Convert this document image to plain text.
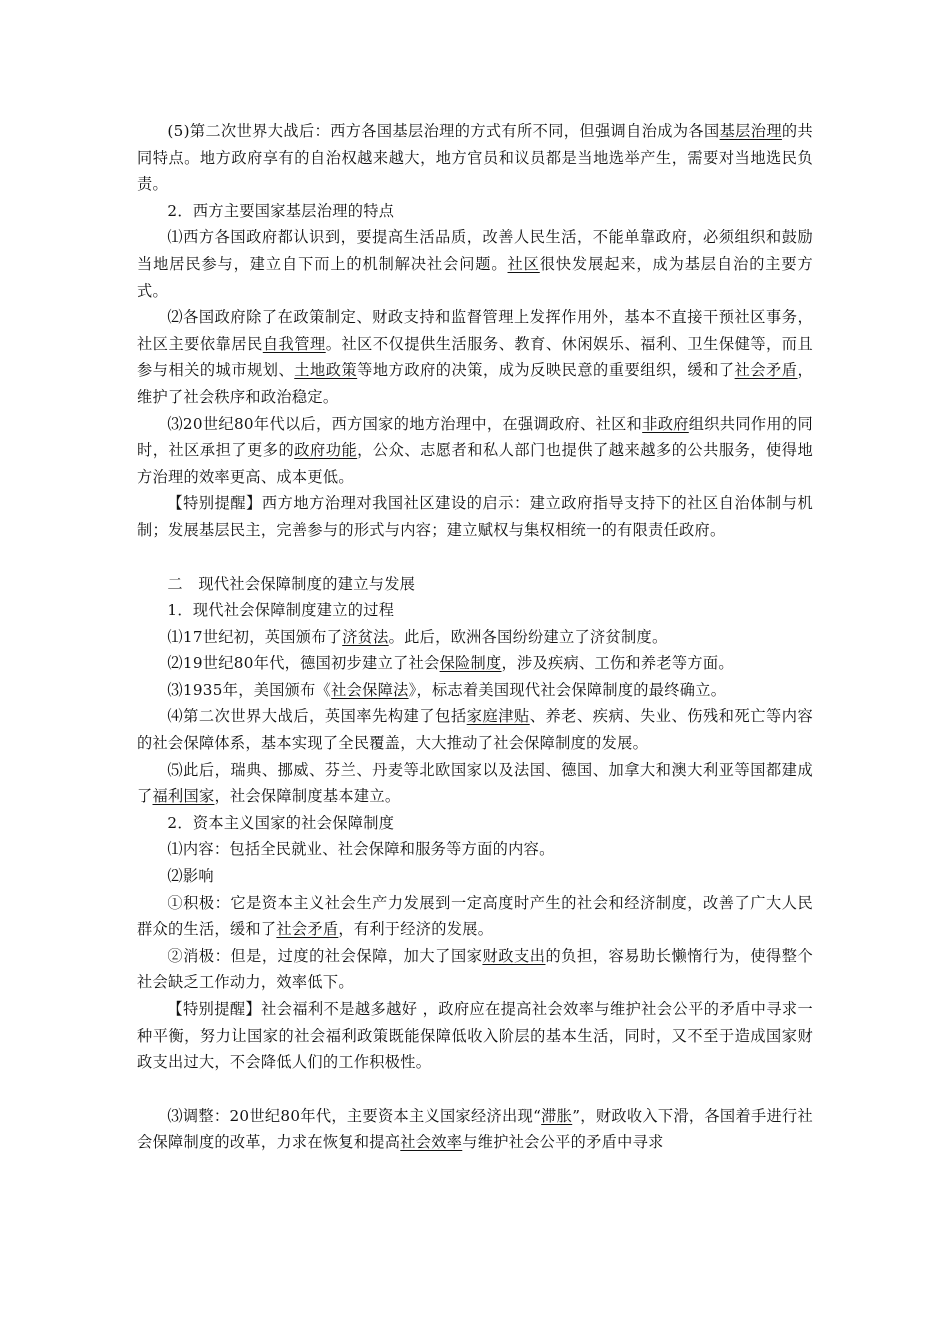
(5)第二次世界大战后：西方各国基层治理的方式有所不同，但强调自治成为各国基层治理的共同特点。地方政府享有的自治权越来越大，地方官员和议员都是当地选举产生，需要对当地选民负责。

2．西方主要国家基层治理的特点

⑴西方各国政府都认识到，要提高生活品质，改善人民生活，不能单靠政府，必须组织和鼓励当地居民参与，建立自下而上的机制解决社会问题。社区很快发展起来，成为基层自治的主要方式。

⑵各国政府除了在政策制定、财政支持和监督管理上发挥作用外，基本不直接干预社区事务，社区主要依靠居民自我管理。社区不仅提供生活服务、教育、休闲娱乐、福利、卫生保健等，而且参与相关的城市规划、土地政策等地方政府的决策，成为反映民意的重要组织，缓和了社会矛盾，维护了社会秩序和政治稳定。

⑶20世纪80年代以后，西方国家的地方治理中，在强调政府、社区和非政府组织共同作用的同时，社区承担了更多的政府功能，公众、志愿者和私人部门也提供了越来越多的公共服务，使得地方治理的效率更高、成本更低。

【特别提醒】西方地方治理对我国社区建设的启示：建立政府指导支持下的社区自治体制与机制；发展基层民主，完善参与的形式与内容；建立赋权与集权相统一的有限责任政府。

二　现代社会保障制度的建立与发展

1．现代社会保障制度建立的过程

⑴17世纪初，英国颁布了济贫法。此后，欧洲各国纷纷建立了济贫制度。

⑵19世纪80年代，德国初步建立了社会保险制度，涉及疾病、工伤和养老等方面。

⑶1935年，美国颁布《社会保障法》，标志着美国现代社会保障制度的最终确立。

⑷第二次世界大战后，英国率先构建了包括家庭津贴、养老、疾病、失业、伤残和死亡等内容的社会保障体系，基本实现了全民覆盖，大大推动了社会保障制度的发展。

⑸此后，瑞典、挪威、芬兰、丹麦等北欧国家以及法国、德国、加拿大和澳大利亚等国都建成了福利国家，社会保障制度基本建立。

2．资本主义国家的社会保障制度

⑴内容：包括全民就业、社会保障和服务等方面的内容。

⑵影响

①积极：它是资本主义社会生产力发展到一定高度时产生的社会和经济制度，改善了广大人民群众的生活，缓和了社会矛盾，有利于经济的发展。

②消极：但是，过度的社会保障，加大了国家财政支出的负担，容易助长懒惰行为，使得整个社会缺乏工作动力，效率低下。

【特别提醒】社会福利不是越多越好 ，政府应在提高社会效率与维护社会公平的矛盾中寻求一种平衡，努力让国家的社会福利政策既能保障低收入阶层的基本生活，同时，又不至于造成国家财政支出过大，不会降低人们的工作积极性。

⑶调整：20世纪80年代，主要资本主义国家经济出现“滞胀”，财政收入下滑，各国着手进行社会保障制度的改革，力求在恢复和提高社会效率与维护社会公平的矛盾中寻求
